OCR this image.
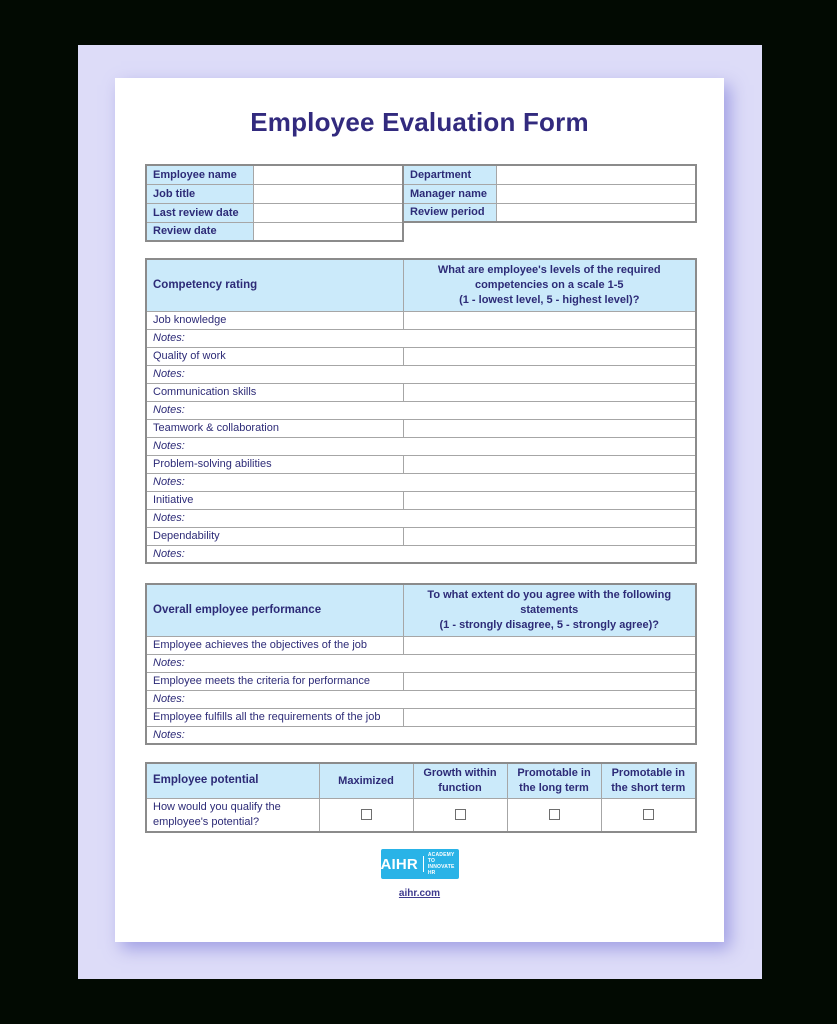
Employee Evaluation Form
Employee name	
Job title	
Last review date	
Review date	
Department	
Manager name	
Review period	
Competency rating	What are employee's levels of the required competencies on a scale 1-5
(1 - lowest level, 5 - highest level)?

Job knowledge	
Notes:	
Quality of work	
Notes:	
Communication skills	
Notes:	
Teamwork & collaboration	
Notes:	
Problem-solving abilities	
Notes:	
Initiative	
Notes:	
Dependability	
Notes:	
Overall employee performance	To what extent do you agree with the following statements
(1 - strongly disagree, 5 - strongly agree)?

Employee achieves the objectives of the job	
Notes:	
Employee meets the criteria for performance	
Notes:	
Employee fulfills all the requirements of the job	
Notes:	
Employee potential	Maximized	Growth within function	Promotable in the long term	Promotable in the short term
How would you qualify the employee's potential?				
AIHR
ACADEMY TO
INNOVATE HR
aihr.com
